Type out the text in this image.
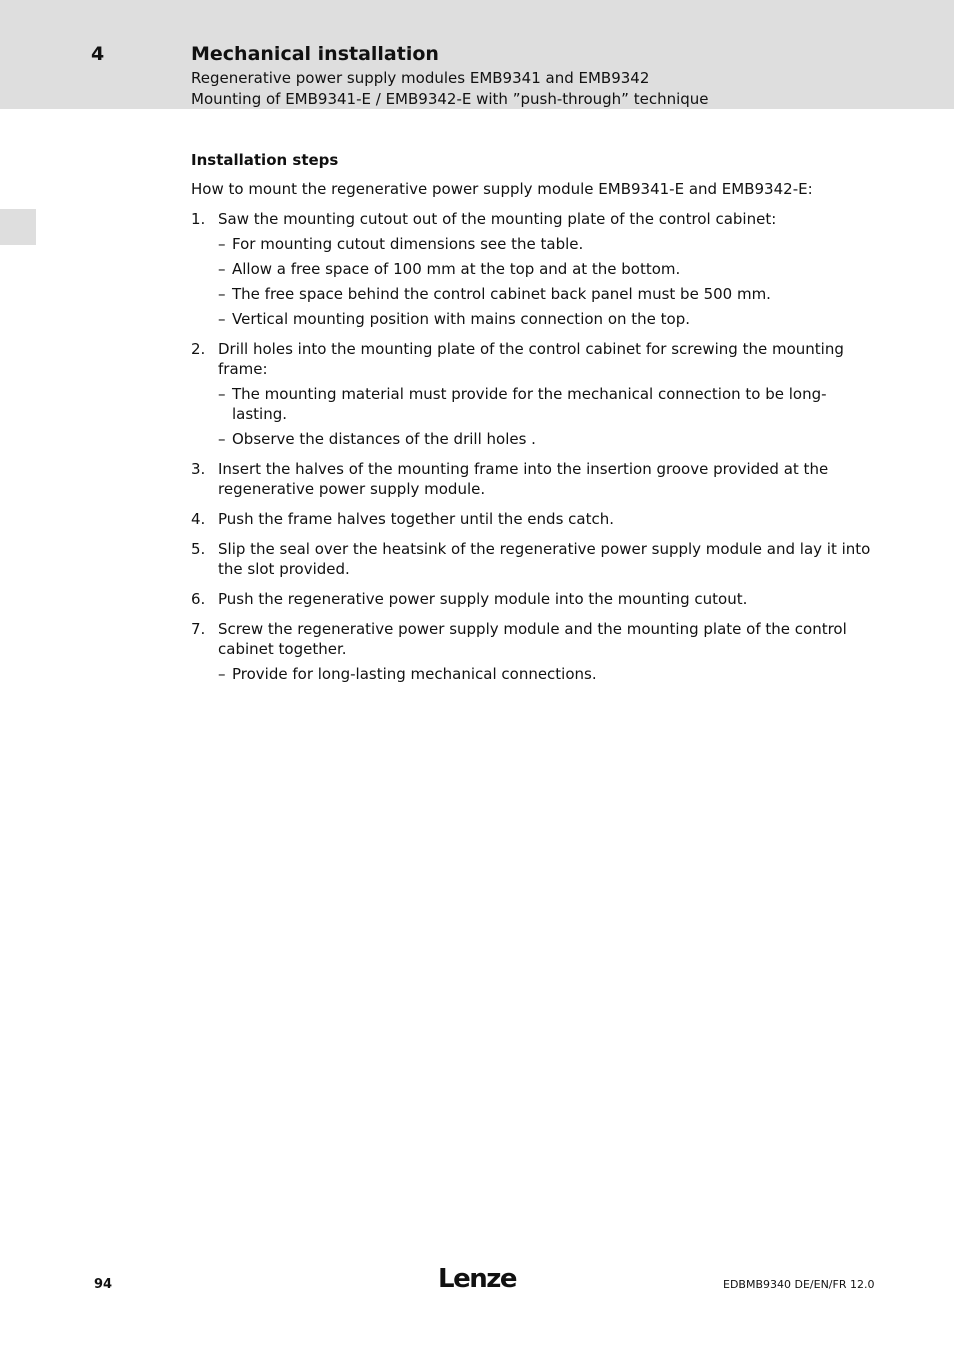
4	Mechanical installation
Regenerative power supply modules EMB9341 and EMB9342
Mounting of EMB9341-E / EMB9342-E with ”push-through” technique
Installation steps
How to mount the regenerative power supply module EMB9341-E and EMB9342-E:
1. Saw the mounting cutout out of the mounting plate of the control cabinet:
– For mounting cutout dimensions see the table.
– Allow a free space of 100 mm at the top and at the bottom.
– The free space behind the control cabinet back panel must be 500 mm.
– Vertical mounting position with mains connection on the top.
2. Drill holes into the mounting plate of the control cabinet for screwing the mounting frame:
– The mounting material must provide for the mechanical connection to be long-lasting.
– Observe the distances of the drill holes .
3. Insert the halves of the mounting frame into the insertion groove provided at the regenerative power supply module.
4. Push the frame halves together until the ends catch.
5. Slip the seal over the heatsink of the regenerative power supply module and lay it into the slot provided.
6. Push the regenerative power supply module into the mounting cutout.
7. Screw the regenerative power supply module and the mounting plate of the control cabinet together.
– Provide for long-lasting mechanical connections.
94	Lenze	EDBMB9340 DE/EN/FR 12.0
